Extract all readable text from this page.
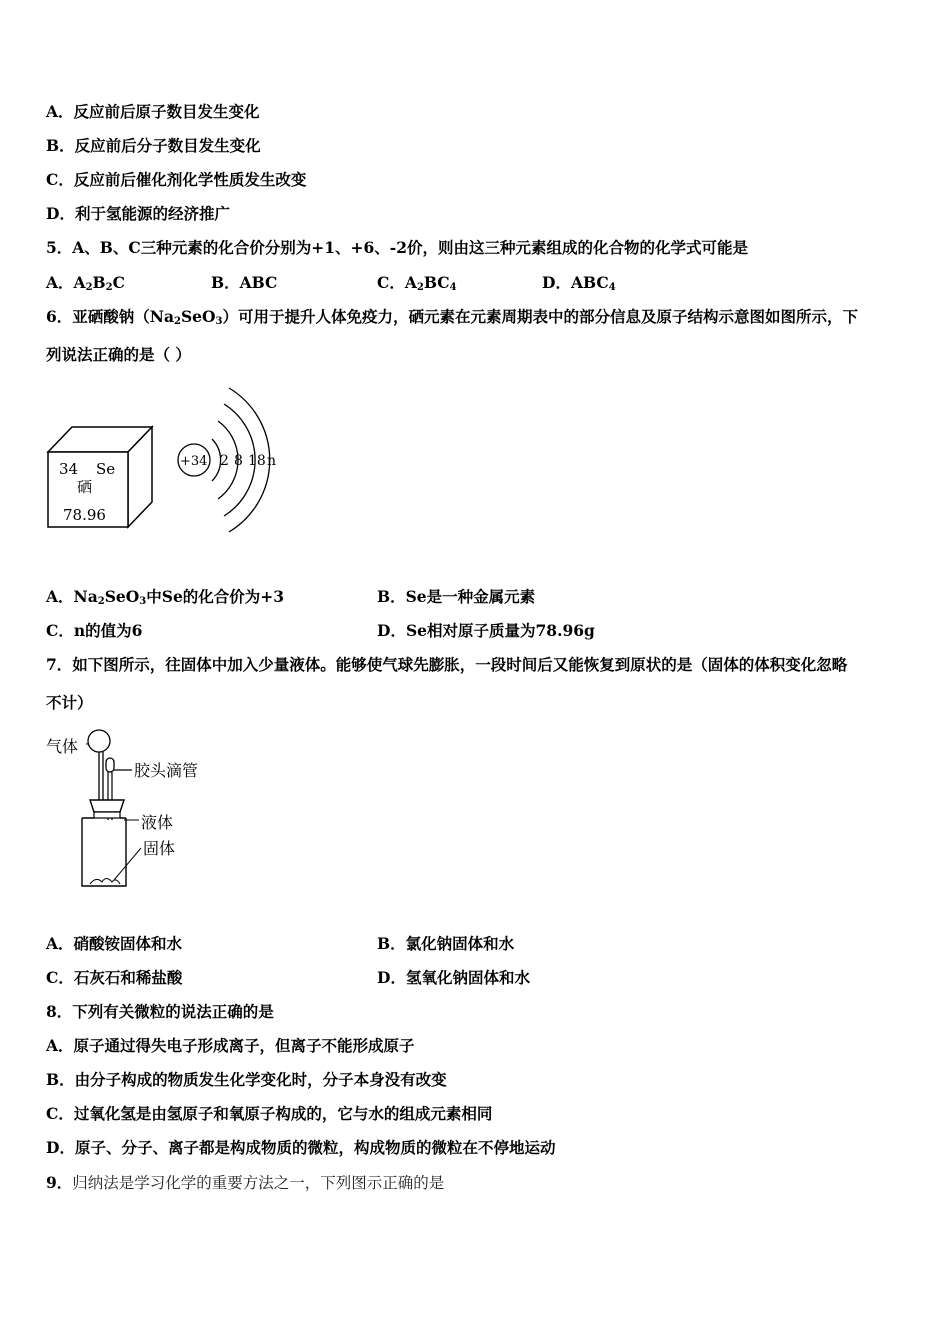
A．反应前后原子数目发生变化
B．反应前后分子数目发生变化
C．反应前后催化剂化学性质发生改变
D．利于氢能源的经济推广
5．A、B、C三种元素的化合价分别为+1、+6、-2价，则由这三种元素组成的化合物的化学式可能是
A．$A_2B_2C$	B．ABC	C．$A_2BC_4$	D．$ABC_4$
6．亚硒酸钠$(Na_2SeO_3)$可用于提升人体免疫力，硒元素在元素周期表中的部分信息及原子结构示意图如图所示，下
列说法正确的是（ ）
34 Se
硒
78.96
+34 2 8 18 n
A．$Na_2SeO_3$中Se的化合价为+3	B．Se是一种金属元素
C．n的值为6	D．Se相对原子质量为78.96g
7．如下图所示，往固体中加入少量液体。能够使气球先膨胀，一段时间后又能恢复到原状的是（固体的体积变化忽略
不计）
气体
胶头滴管
液体
固体
A．硝酸铵固体和水	B．氯化钠固体和水
C．石灰石和稀盐酸	D．氢氧化钠固体和水
8．下列有关微粒的说法正确的是
A．原子通过得失电子形成离子，但离子不能形成原子
B．由分子构成的物质发生化学变化时，分子本身没有改变
C．过氧化氢是由氢原子和氧原子构成的，它与水的组成元素相同
D．原子、分子、离子都是构成物质的微粒，构成物质的微粒在不停地运动
9．归纳法是学习化学的重要方法之一，下列图示正确的是
